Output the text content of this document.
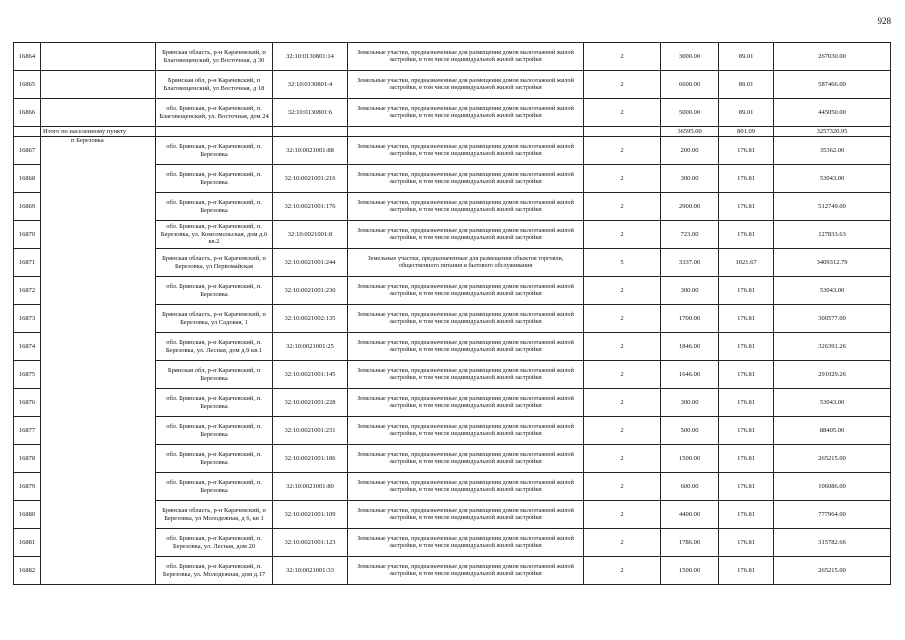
928
16864		Брянская область, р-н Карачевский, п Благовещенский, ул Восточная, д 30	32:10:0130801:14	Земельные участки, предназначенные для размещения домов малоэтажной жилой застройки, в том числе индивидуальной жилой застройки	2	3000.00	89.01	267030.00
16865		Брянская обл, р-н Карачевский, п Благовещенский, ул Восточная, д 18	32:10:0130801:4	Земельные участки, предназначенные для размещения домов малоэтажной жилой застройки, в том числе индивидуальной жилой застройки	2	6600.00	89.01	587466.00
16866		обл. Брянская, р-н Карачевский, п. Благовещенский, ул. Восточная, дом 24	32:10:0130801:6	Земельные участки, предназначенные для размещения домов малоэтажной жилой застройки, в том числе индивидуальной жилой застройки	2	5000.00	89.01	445050.00
	Итого по населенному пункту					36595.00	801.09	3257320.95
16867	п Березовка	обл. Брянская, р-н Карачевский, п. Березовка	32:10:0021001:88	Земельные участки, предназначенные для размещения домов малоэтажной жилой застройки, в том числе индивидуальной жилой застройки	2	200.00	176.81	35362.00
16868		обл. Брянская, р-н Карачевский, п. Березовка	32:10:0021001:216	Земельные участки, предназначенные для размещения домов малоэтажной жилой застройки, в том числе индивидуальной жилой застройки	2	300.00	176.81	53043.00
16869		обл. Брянская, р-н Карачевский, п. Березовка	32:10:0021001:176	Земельные участки, предназначенные для размещения домов малоэтажной жилой застройки, в том числе индивидуальной жилой застройки	2	2900.00	176.81	512749.00
16870		обл. Брянская, р-н Карачевский, п. Березовка, ул. Комсомольская, дом д.6 кв.2	32:10:0021001:8	Земельные участки, предназначенные для размещения домов малоэтажной жилой застройки, в том числе индивидуальной жилой застройки	2	723.00	176.81	127833.63
16871		Брянская область, р-н Карачевский, п Березовка, ул Первомайская	32:10:0021001:244	Земельные участки, предназначенные для размещения объектов торговли, общественного питания и бытового обслуживания	5	3337.00	1021.67	3409312.79
16872		обл. Брянская, р-н Карачевский, п. Березовка	32:10:0021001:230	Земельные участки, предназначенные для размещения домов малоэтажной жилой застройки, в том числе индивидуальной жилой застройки	2	300.00	176.81	53043.00
16873		Брянская область, р-н Карачевский, п Березовка, ул Садовая, 1	32:10:0021002:135	Земельные участки, предназначенные для размещения домов малоэтажной жилой застройки, в том числе индивидуальной жилой застройки	2	1700.00	176.81	300577.00
16874		обл. Брянская, р-н Карачевский, п. Березовка, ул. Лесная, дом д.9 кв.1	32:10:0021001:25	Земельные участки, предназначенные для размещения домов малоэтажной жилой застройки, в том числе индивидуальной жилой застройки	2	1846.00	176.81	326391.26
16875		Брянская обл, р-н Карачевский, п Березовка	32:10:0021001:145	Земельные участки, предназначенные для размещения домов малоэтажной жилой застройки, в том числе индивидуальной жилой застройки	2	1646.00	176.81	291029.26
16876		обл. Брянская, р-н Карачевский, п. Березовка	32:10:0021001:228	Земельные участки, предназначенные для размещения домов малоэтажной жилой застройки, в том числе индивидуальной жилой застройки	2	300.00	176.81	53043.00
16877		обл. Брянская, р-н Карачевский, п. Березовка	32:10:0021001:231	Земельные участки, предназначенные для размещения домов малоэтажной жилой застройки, в том числе индивидуальной жилой застройки	2	500.00	176.81	88405.00
16878		обл. Брянская, р-н Карачевский, п. Березовка	32:10:0021001:186	Земельные участки, предназначенные для размещения домов малоэтажной жилой застройки, в том числе индивидуальной жилой застройки	2	1500.00	176.81	265215.00
16879		обл. Брянская, р-н Карачевский, п. Березовка	32:10:0021001:80	Земельные участки, предназначенные для размещения домов малоэтажной жилой застройки, в том числе индивидуальной жилой застройки	2	600.00	176.81	106086.00
16880		Брянская область, р-н Карачевский, п Березовка, ул Молодежная, д 6, кв 1	32:10:0021001:109	Земельные участки, предназначенные для размещения домов малоэтажной жилой застройки, в том числе индивидуальной жилой застройки	2	4400.00	176.81	777964.00
16881		обл. Брянская, р-н Карачевский, п. Березовка, ул. Лесная, дом 20	32:10:0021001:123	Земельные участки, предназначенные для размещения домов малоэтажной жилой застройки, в том числе индивидуальной жилой застройки	2	1786.00	176.81	315782.66
16882		обл. Брянская, р-н Карачевский, п. Березовка, ул. Молодежная, дом д.17	32:10:0021001:33	Земельные участки, предназначенные для размещения домов малоэтажной жилой застройки, в том числе индивидуальной жилой застройки	2	1500.00	176.81	265215.00
